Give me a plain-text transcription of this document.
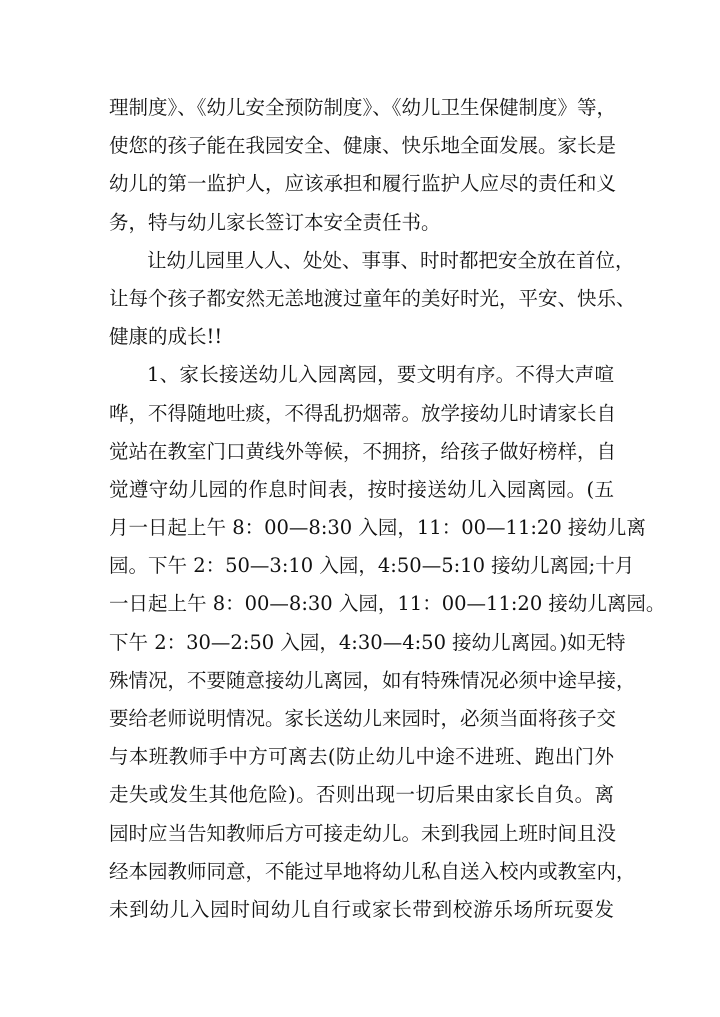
理制度》、《幼儿安全预防制度》、《幼儿卫生保健制度》等，
使您的孩子能在我园安全、健康、快乐地全面发展。家长是
幼儿的第一监护人，应该承担和履行监护人应尽的责任和义
务，特与幼儿家长签订本安全责任书。
让幼儿园里人人、处处、事事、时时都把安全放在首位，
让每个孩子都安然无恙地渡过童年的美好时光，平安、快乐、
健康的成长!!
1、家长接送幼儿入园离园，要文明有序。不得大声喧
哗，不得随地吐痰，不得乱扔烟蒂。放学接幼儿时请家长自
觉站在教室门口黄线外等候，不拥挤，给孩子做好榜样，自
觉遵守幼儿园的作息时间表，按时接送幼儿入园离园。(五
月一日起上午 8：00—8:30 入园，11：00—11:20 接幼儿离
园。下午 2：50—3:10 入园，4:50—5:10 接幼儿离园;十月
一日起上午 8：00—8:30 入园，11：00—11:20 接幼儿离园。
下午 2：30—2:50 入园，4:30—4:50 接幼儿离园。)如无特
殊情况，不要随意接幼儿离园，如有特殊情况必须中途早接，
要给老师说明情况。家长送幼儿来园时，必须当面将孩子交
与本班教师手中方可离去(防止幼儿中途不进班、跑出门外
走失或发生其他危险)。否则出现一切后果由家长自负。离
园时应当告知教师后方可接走幼儿。未到我园上班时间且没
经本园教师同意，不能过早地将幼儿私自送入校内或教室内，
未到幼儿入园时间幼儿自行或家长带到校游乐场所玩耍发
